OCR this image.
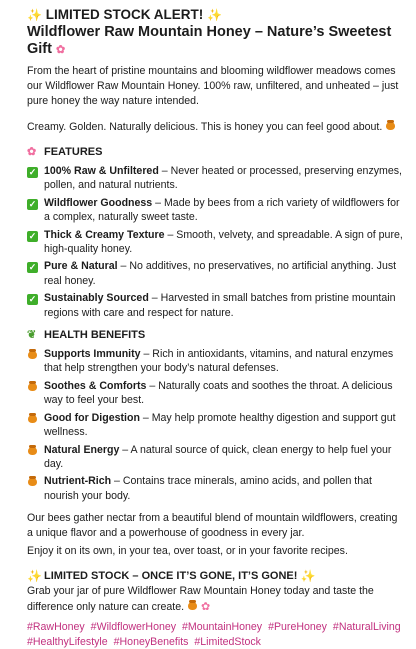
✨ LIMITED STOCK ALERT! ✨

Wildflower Raw Mountain Honey – Nature’s Sweetest Gift ✿

From the heart of pristine mountains and blooming wildflower meadows comes our Wildflower Raw Mountain Honey. 100% raw, unfiltered, and unheated – just pure honey the way nature intended.

Creamy. Golden. Naturally delicious. This is honey you can feel good about.

✿ FEATURES

✓ 100% Raw & Unfiltered – Never heated or processed, preserving enzymes, pollen, and natural nutrients.
✓ Wildflower Goodness – Made by bees from a rich variety of wildflowers for a complex, naturally sweet taste.
✓ Thick & Creamy Texture – Smooth, velvety, and spreadable. A sign of pure, high-quality honey.
✓ Pure & Natural – No additives, no preservatives, no artificial anything. Just real honey.
✓ Sustainably Sourced – Harvested in small batches from pristine mountain regions with care and respect for nature.

❦ HEALTH BENEFITS

Supports Immunity – Rich in antioxidants, vitamins, and natural enzymes that help strengthen your body’s natural defenses.
Soothes & Comforts – Naturally coats and soothes the throat. A delicious way to feel your best.
Good for Digestion – May help promote healthy digestion and support gut wellness.
Natural Energy – A natural source of quick, clean energy to help fuel your day.
Nutrient-Rich – Contains trace minerals, amino acids, and pollen that nourish your body.

Our bees gather nectar from a beautiful blend of mountain wildflowers, creating a unique flavor and a powerhouse of goodness in every jar.

Enjoy it on its own, in your tea, over toast, or in your favorite recipes.

✨ LIMITED STOCK – ONCE IT’S GONE, IT’S GONE! ✨

Grab your jar of pure Wildflower Raw Mountain Honey today and taste the difference only nature can create. ✿

#RawHoney #WildflowerHoney #MountainHoney #PureHoney #NaturalLiving #HealthyLifestyle #HoneyBenefits #LimitedStock
